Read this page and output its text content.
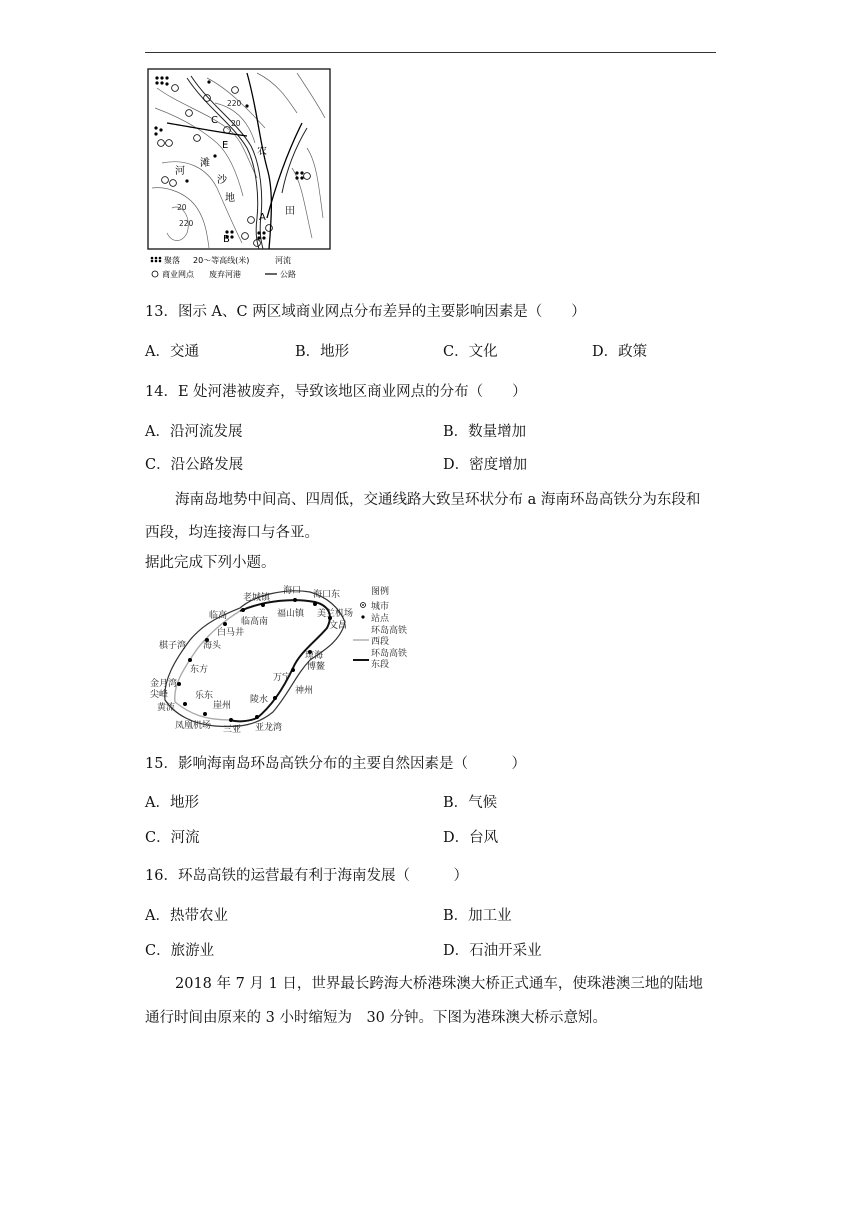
E
C
A
B
滩
河
沙
地
农
田
220
20
20
220
聚落 20～等高线(米)	河流
商业网点 废弃河港	公路
13．图示 A、C 两区域商业网点分布差异的主要影响因素是（　　）
A．交通	B．地形	C．文化	D．政策
14．E 处河港被废弃，导致该地区商业网点的分布（　　）
A．沿河流发展	B．数量增加
C．沿公路发展	D．密度增加
海南岛地势中间高、四周低，交通线路大致呈环状分布 a 海南环岛高铁分为东段和
西段，均连接海口与各亚。
据此完成下列小题。
海口 海口东
老城镇
福山镇 美兰机场
文昌
临高
临高南
白马井
海头
棋子湾
东方
金月湾
尖峰
黄流
乐东
崖州
陵水
万宁
琼海
博鳌
神州
凤凰机场 三亚 亚龙湾
图例
城市
站点
环岛高铁
西段
环岛高铁
东段
15．影响海南岛环岛高铁分布的主要自然因素是（　　　）
A．地形	B．气候
C．河流	D．台风
16．环岛高铁的运营最有利于海南发展（　　　）
A．热带农业	B．加工业
C．旅游业	D．石油开采业
2018 年 7 月 1 日，世界最长跨海大桥港珠澳大桥正式通车，使珠港澳三地的陆地
通行时间由原来的 3 小时缩短为　30 分钟。下图为港珠澳大桥示意矧。
